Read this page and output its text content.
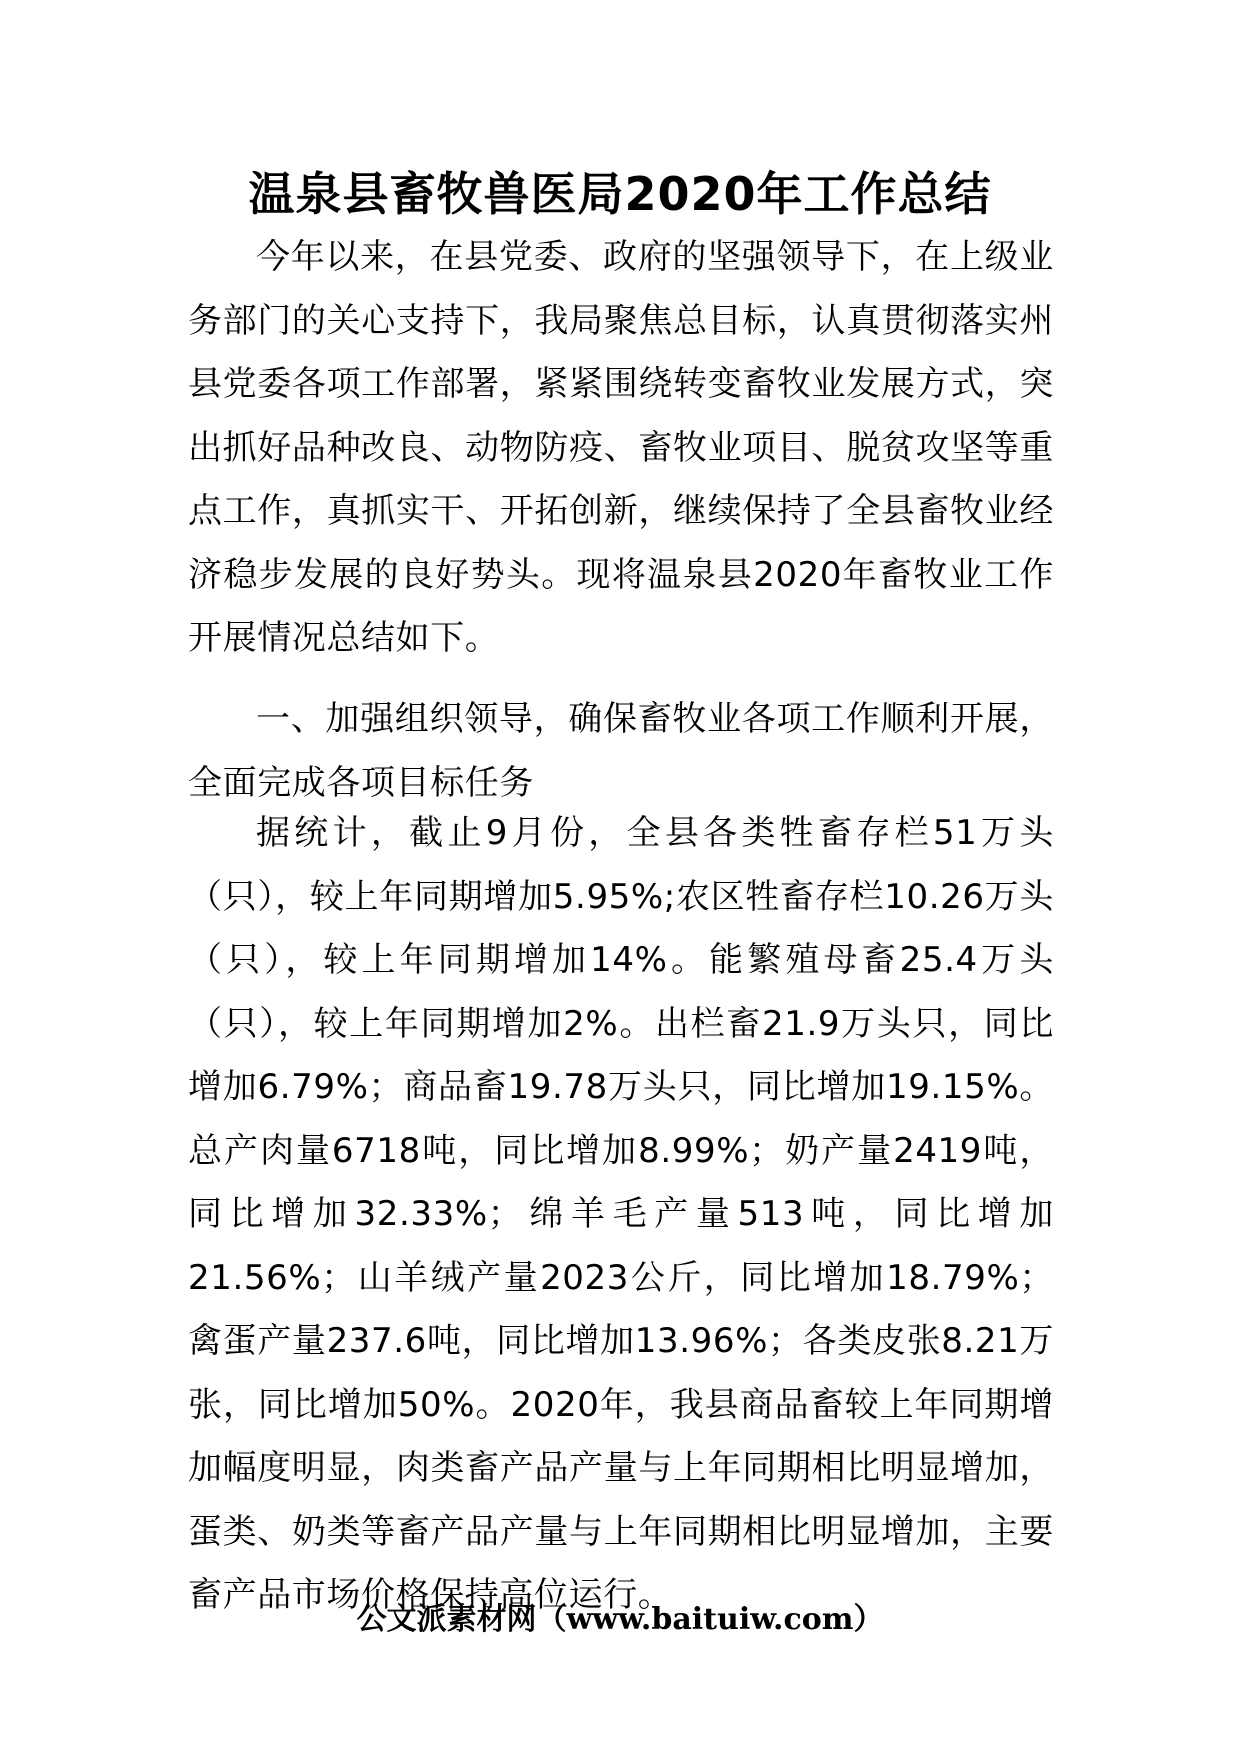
温泉县畜牧兽医局2020年工作总结

今年以来，在县党委、政府的坚强领导下，在上级业务部门的关心支持下，我局聚焦总目标，认真贯彻落实州县党委各项工作部署，紧紧围绕转变畜牧业发展方式，突出抓好品种改良、动物防疫、畜牧业项目、脱贫攻坚等重点工作，真抓实干、开拓创新，继续保持了全县畜牧业经济稳步发展的良好势头。现将温泉县2020年畜牧业工作开展情况总结如下。

一、加强组织领导，确保畜牧业各项工作顺利开展，全面完成各项目标任务

据统计，截止9月份，全县各类牲畜存栏51万头（只），较上年同期增加5.95%;农区牲畜存栏10.26万头（只），较上年同期增加14%。能繁殖母畜25.4万头（只），较上年同期增加2%。出栏畜21.9万头只，同比增加6.79%；商品畜19.78万头只，同比增加19.15%。总产肉量6718吨，同比增加8.99%；奶产量2419吨，同比增加32.33%；绵羊毛产量513吨，同比增加21.56%；山羊绒产量2023公斤，同比增加18.79%；禽蛋产量237.6吨，同比增加13.96%；各类皮张8.21万张，同比增加50%。2020年，我县商品畜较上年同期增加幅度明显，肉类畜产品产量与上年同期相比明显增加，蛋类、奶类等畜产品产量与上年同期相比明显增加，主要畜产品市场价格保持高位运行。

公文派素材网（www.baituiw.com）
